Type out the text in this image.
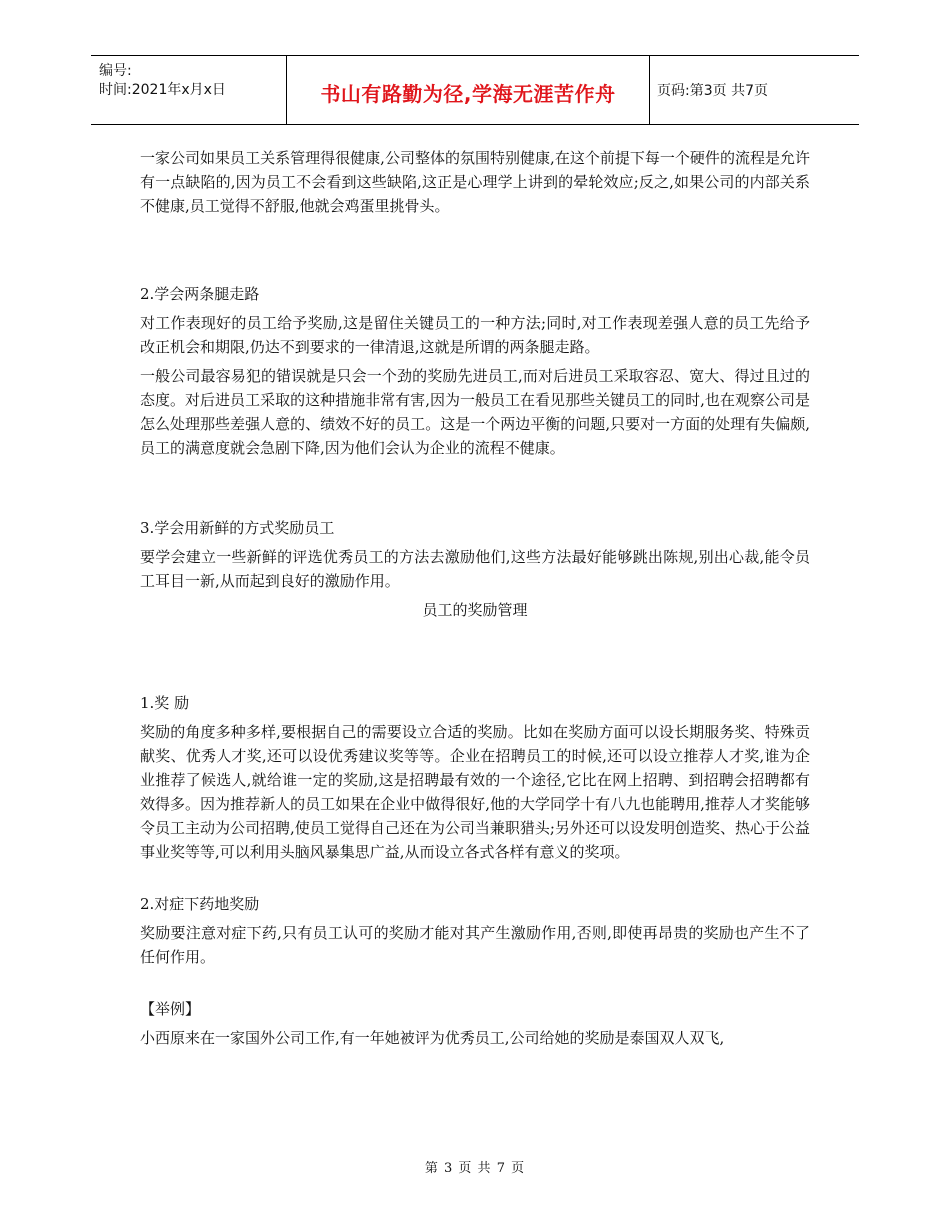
编号:
时间:2021年x月x日	书山有路勤为径,学海无涯苦作舟	页码:第3页 共7页

一家公司如果员工关系管理得很健康,公司整体的氛围特别健康,在这个前提下每一个硬件的流程是允许有一点缺陷的,因为员工不会看到这些缺陷,这正是心理学上讲到的晕轮效应;反之,如果公司的内部关系不健康,员工觉得不舒服,他就会鸡蛋里挑骨头。

2.学会两条腿走路

对工作表现好的员工给予奖励,这是留住关键员工的一种方法;同时,对工作表现差强人意的员工先给予改正机会和期限,仍达不到要求的一律清退,这就是所谓的两条腿走路。

一般公司最容易犯的错误就是只会一个劲的奖励先进员工,而对后进员工采取容忍、宽大、得过且过的态度。对后进员工采取的这种措施非常有害,因为一般员工在看见那些关键员工的同时,也在观察公司是怎么处理那些差强人意的、绩效不好的员工。这是一个两边平衡的问题,只要对一方面的处理有失偏颇,员工的满意度就会急剧下降,因为他们会认为企业的流程不健康。

3.学会用新鲜的方式奖励员工

要学会建立一些新鲜的评选优秀员工的方法去激励他们,这些方法最好能够跳出陈规,别出心裁,能令员工耳目一新,从而起到良好的激励作用。

员工的奖励管理

1.奖 励

奖励的角度多种多样,要根据自己的需要设立合适的奖励。比如在奖励方面可以设长期服务奖、特殊贡献奖、优秀人才奖,还可以设优秀建议奖等等。企业在招聘员工的时候,还可以设立推荐人才奖,谁为企业推荐了候选人,就给谁一定的奖励,这是招聘最有效的一个途径,它比在网上招聘、到招聘会招聘都有效得多。因为推荐新人的员工如果在企业中做得很好,他的大学同学十有八九也能聘用,推荐人才奖能够令员工主动为公司招聘,使员工觉得自己还在为公司当兼职猎头;另外还可以设发明创造奖、热心于公益事业奖等等,可以利用头脑风暴集思广益,从而设立各式各样有意义的奖项。

2.对症下药地奖励

奖励要注意对症下药,只有员工认可的奖励才能对其产生激励作用,否则,即使再昂贵的奖励也产生不了任何作用。

【举例】

小西原来在一家国外公司工作,有一年她被评为优秀员工,公司给她的奖励是泰国双人双飞,

第 3 页 共 7 页
